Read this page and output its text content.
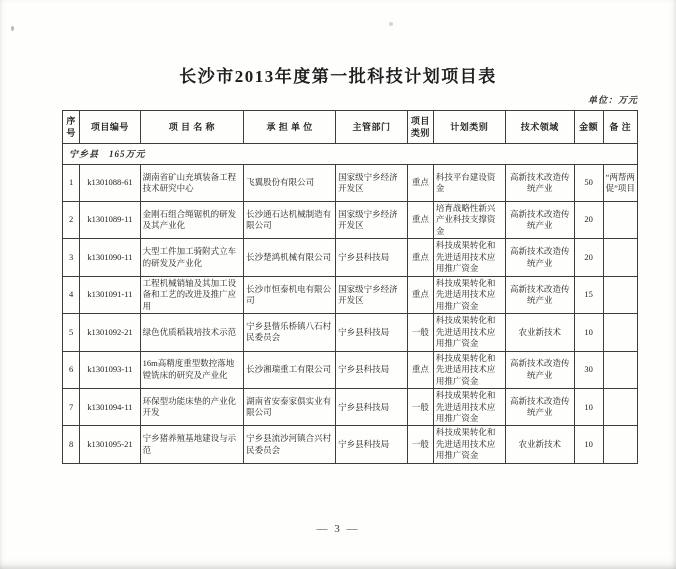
长沙市2013年度第一批科技计划项目表
单位：万元
序号	项目编号	项 目 名 称	承 担 单 位	主管部门	项目 类别	计划类别	技术领域	金额	备 注
宁乡县　165万元									
1	k1301088-61	湖南省矿山充填装备工程技术研究中心	飞翼股份有限公司	国家级宁乡经济开发区	重点	科技平台建设资金	高新技术改造传统产业	50	“两帮两促”项目
2	k1301089-11	金刚石组合绳锯机的研发及其产业化	长沙通石达机械制造有限公司	国家级宁乡经济开发区	重点	培育战略性新兴产业科技支撑资金	高新技术改造传统产业	20	
3	k1301090-11	大型工件加工骑附式立车的研发及产业化	长沙楚鸿机械有限公司	宁乡县科技局	重点	科技成果转化和先进适用技术应用推广资金	高新技术改造传统产业	20	
4	k1301091-11	工程机械销轴及其加工设备和工艺的改进及推广应用	长沙市恒泰机电有限公司	国家级宁乡经济开发区	重点	科技成果转化和先进适用技术应用推广资金	高新技术改造传统产业	15	
5	k1301092-21	绿色优质稻栽培技术示范	宁乡县偕乐桥镇八石村民委员会	宁乡县科技局	一般	科技成果转化和先进适用技术应用推广资金	农业新技术	10	
6	k1301093-11	16m高精度重型数控落地镗铣床的研究及产业化	长沙湘瑞重工有限公司	宁乡县科技局	重点	科技成果转化和先进适用技术应用推广资金	高新技术改造传统产业	30	
7	k1301094-11	环保型功能床垫的产业化开发	湖南省安泰家俱实业有限公司	宁乡县科技局	一般	科技成果转化和先进适用技术应用推广资金	高新技术改造传统产业	10	
8	k1301095-21	宁乡猪养殖基地建设与示范	宁乡县流沙河镇合兴村民委员会	宁乡县科技局	一般	科技成果转化和先进适用技术应用推广资金	农业新技术	10	
— 3 —
